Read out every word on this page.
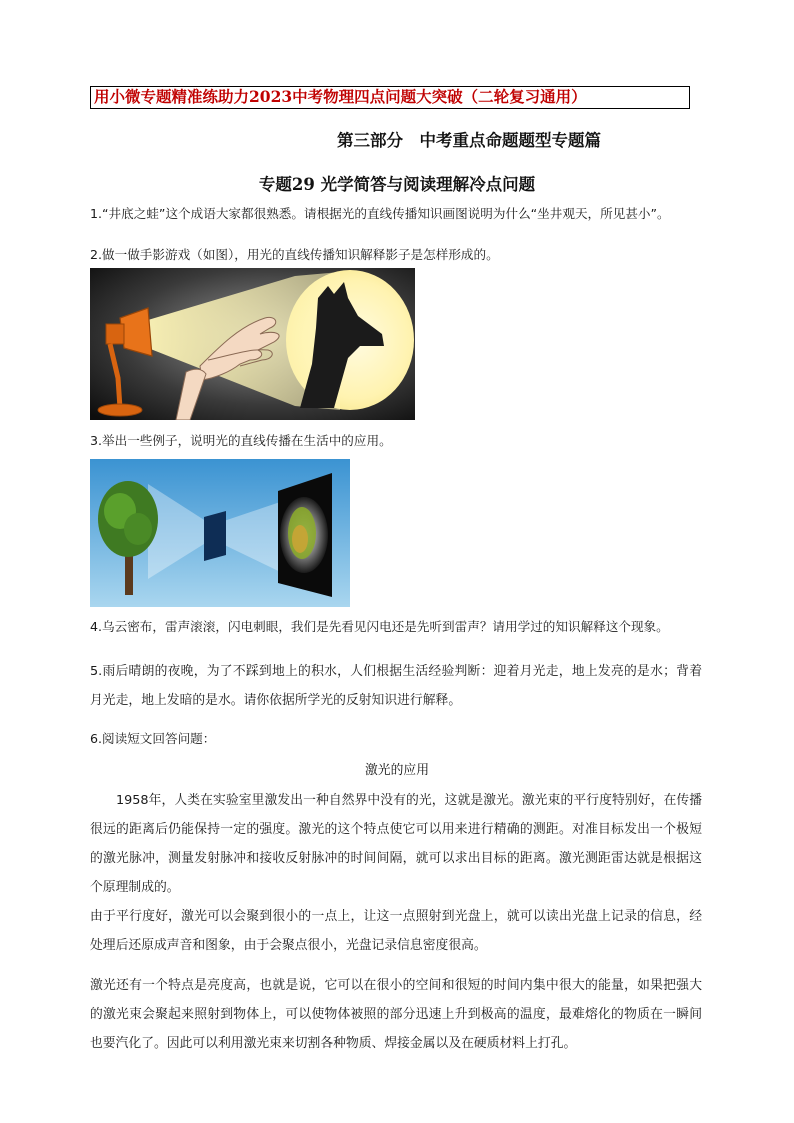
用小微专题精准练助力2023中考物理四点问题大突破（二轮复习通用）
第三部分　中考重点命题题型专题篇
专题29 光学简答与阅读理解冷点问题
1.“井底之蛙”这个成语大家都很熟悉。请根据光的直线传播知识画图说明为什么“坐井观天，所见甚小”。
2.做一做手影游戏（如图），用光的直线传播知识解释影子是怎样形成的。
3.举出一些例子，说明光的直线传播在生活中的应用。
4.乌云密布，雷声滚滚，闪电刺眼，我们是先看见闪电还是先听到雷声？请用学过的知识解释这个现象。
5.雨后晴朗的夜晚，为了不踩到地上的积水，人们根据生活经验判断：迎着月光走，地上发亮的是水；背着月光走，地上发暗的是水。请你依据所学光的反射知识进行解释。
6.阅读短文回答问题：
激光的应用
1958年，人类在实验室里激发出一种自然界中没有的光，这就是激光。激光束的平行度特别好，在传播很远的距离后仍能保持一定的强度。激光的这个特点使它可以用来进行精确的测距。对准目标发出一个极短的激光脉冲，测量发射脉冲和接收反射脉冲的时间间隔，就可以求出目标的距离。激光测距雷达就是根据这个原理制成的。
由于平行度好，激光可以会聚到很小的一点上，让这一点照射到光盘上，就可以读出光盘上记录的信息，经处理后还原成声音和图象，由于会聚点很小，光盘记录信息密度很高。
激光还有一个特点是亮度高，也就是说，它可以在很小的空间和很短的时间内集中很大的能量，如果把强大的激光束会聚起来照射到物体上，可以使物体被照的部分迅速上升到极高的温度，最难熔化的物质在一瞬间也要汽化了。因此可以利用激光束来切割各种物质、焊接金属以及在硬质材料上打孔。
